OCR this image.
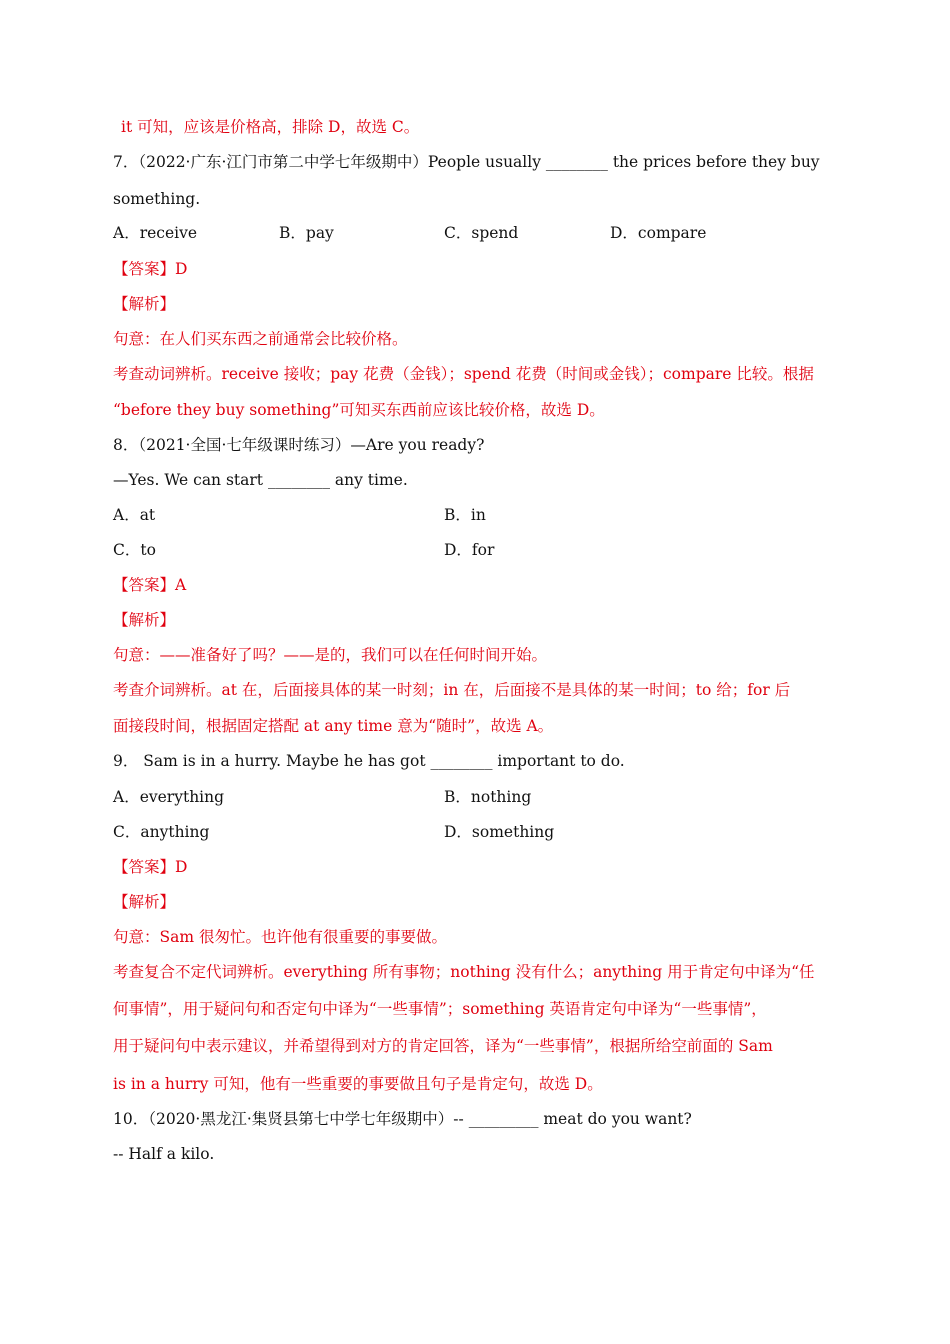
it 可知，应该是价格高，排除 D，故选 C。
7．（2022·广东·江门市第二中学七年级期中）People usually ________ the prices before they buy
something.
A．receive	B．pay	C．spend	D．compare
【答案】D
【解析】
句意：在人们买东西之前通常会比较价格。
考查动词辨析。receive 接收；pay 花费（金钱）；spend 花费（时间或金钱）；compare 比较。根据
“before they buy something”可知买东西前应该比较价格，故选 D。
8．（2021·全国·七年级课时练习）—Are you ready?
—Yes. We can start ________ any time.
A．at	B．in
C．to	D．for
【答案】A
【解析】
句意：——准备好了吗？——是的，我们可以在任何时间开始。
考查介词辨析。at 在，后面接具体的某一时刻；in 在，后面接不是具体的某一时间；to 给；for 后
面接段时间，根据固定搭配 at any time 意为“随时”，故选 A。
9． Sam is in a hurry. Maybe he has got ________ important to do.
A．everything	B．nothing
C．anything	D．something
【答案】D
【解析】
句意：Sam 很匆忙。也许他有很重要的事要做。
考查复合不定代词辨析。everything 所有事物；nothing 没有什么；anything 用于肯定句中译为“任
何事情”，用于疑问句和否定句中译为“一些事情”；something 英语肯定句中译为“一些事情”，
用于疑问句中表示建议，并希望得到对方的肯定回答，译为“一些事情”，根据所给空前面的 Sam
is in a hurry 可知，他有一些重要的事要做且句子是肯定句，故选 D。
10．（2020·黑龙江·集贤县第七中学七年级期中）-- _________ meat do you want?
-- Half a kilo.
